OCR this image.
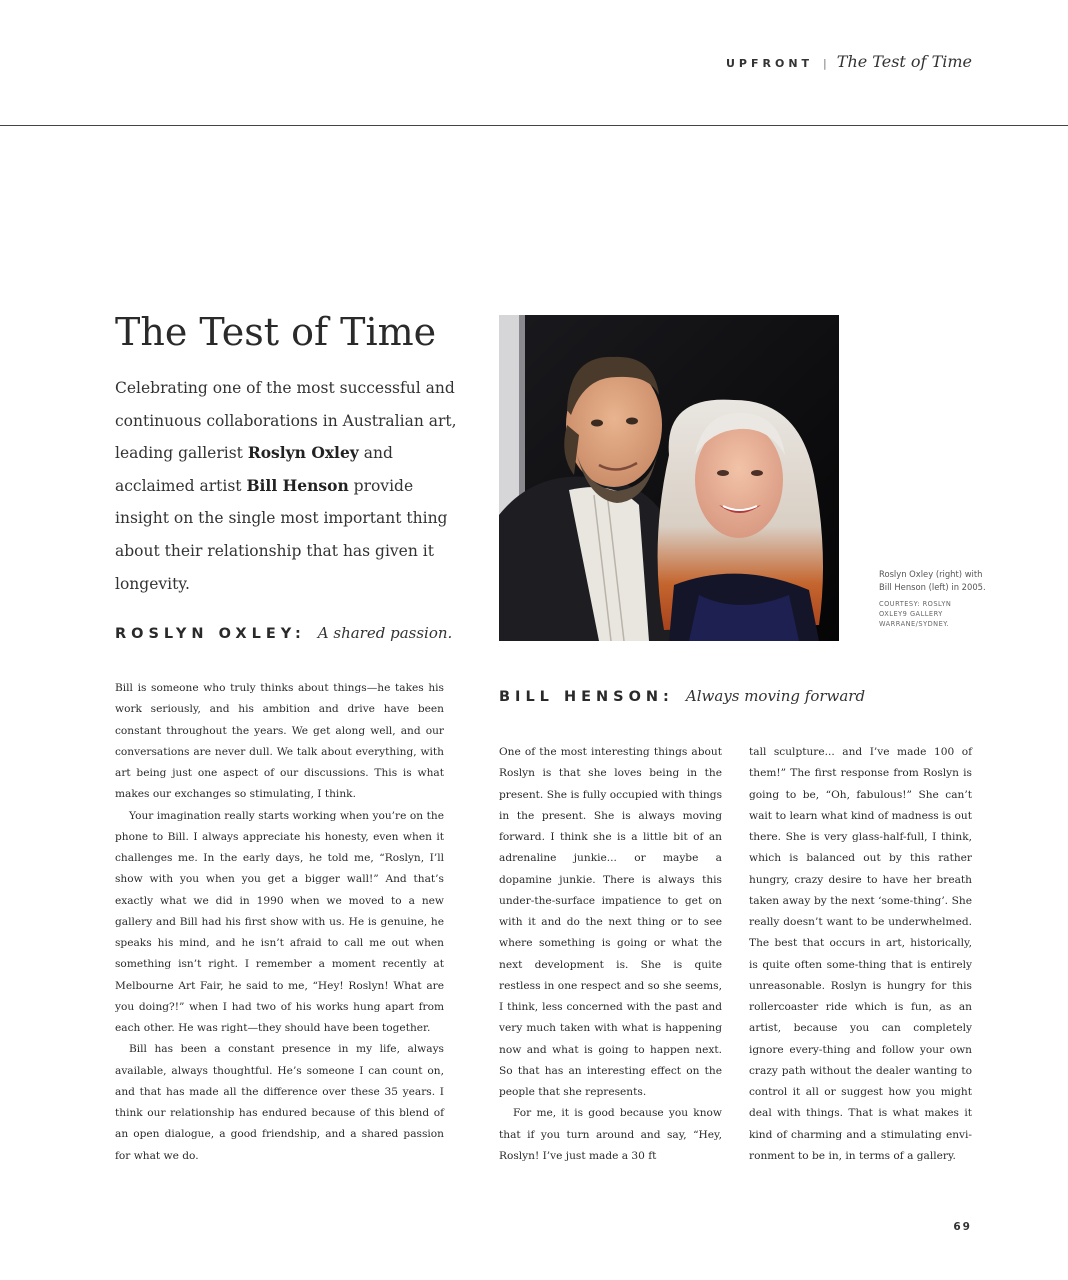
UPFRONT | The Test of Time
The Test of Time

Celebrating one of the most successful and continuous collaborations in Australian art, leading gallerist Roslyn Oxley and acclaimed artist Bill Henson provide insight on the single most important thing about their relationship that has given it longevity.

ROSLYN OXLEY: A shared passion.

Roslyn Oxley (right) with Bill Henson (left) in 2005.

COURTESY: ROSLYN OXLEY9 GALLERY WARRANE/SYDNEY.

Bill is someone who truly thinks about things—he takes his work seriously, and his ambition and drive have been constant throughout the years. We get along well, and our conversations are never dull. We talk about everything, with art being just one aspect of our discussions. This is what makes our exchanges so stimulating, I think.

Your imagination really starts working when you’re on the phone to Bill. I always appreciate his honesty, even when it challenges me. In the early days, he told me, “Roslyn, I’ll show with you when you get a bigger wall!” And that’s exactly what we did in 1990 when we moved to a new gallery and Bill had his first show with us. He is genuine, he speaks his mind, and he isn’t afraid to call me out when something isn’t right. I remember a moment recently at Melbourne Art Fair, he said to me, “Hey! Roslyn! What are you doing?!” when I had two of his works hung apart from each other. He was right—they should have been together.

Bill has been a constant presence in my life, always available, always thoughtful. He’s someone I can count on, and that has made all the difference over these 35 years. I think our relationship has endured because of this blend of an open dialogue, a good friendship, and a shared passion for what we do.

BILL HENSON: Always moving forward

One of the most interesting things about Roslyn is that she loves being in the present. She is fully occupied with things in the present. She is always moving forward. I think she is a little bit of an adrenaline junkie... or maybe a dopamine junkie. There is always this under-the-surface impatience to get on with it and do the next thing or to see where something is going or what the next development is. She is quite restless in one respect and so she seems, I think, less concerned with the past and very much taken with what is happening now and what is going to happen next. So that has an interesting effect on the people that she represents.

For me, it is good because you know that if you turn around and say, “Hey, Roslyn! I’ve just made a 30 ft

tall sculpture... and I’ve made 100 of them!” The first response from Roslyn is going to be, “Oh, fabulous!” She can’t wait to learn what kind of madness is out there. She is very glass-half-full, I think, which is balanced out by this rather hungry, crazy desire to have her breath taken away by the next ‘some-thing’. She really doesn’t want to be underwhelmed. The best that occurs in art, historically, is quite often some-thing that is entirely unreasonable. Roslyn is hungry for this rollercoaster ride which is fun, as an artist, because you can completely ignore every-thing and follow your own crazy path without the dealer wanting to control it all or suggest how you might deal with things. That is what makes it kind of charming and a stimulating envi-ronment to be in, in terms of a gallery.

69
